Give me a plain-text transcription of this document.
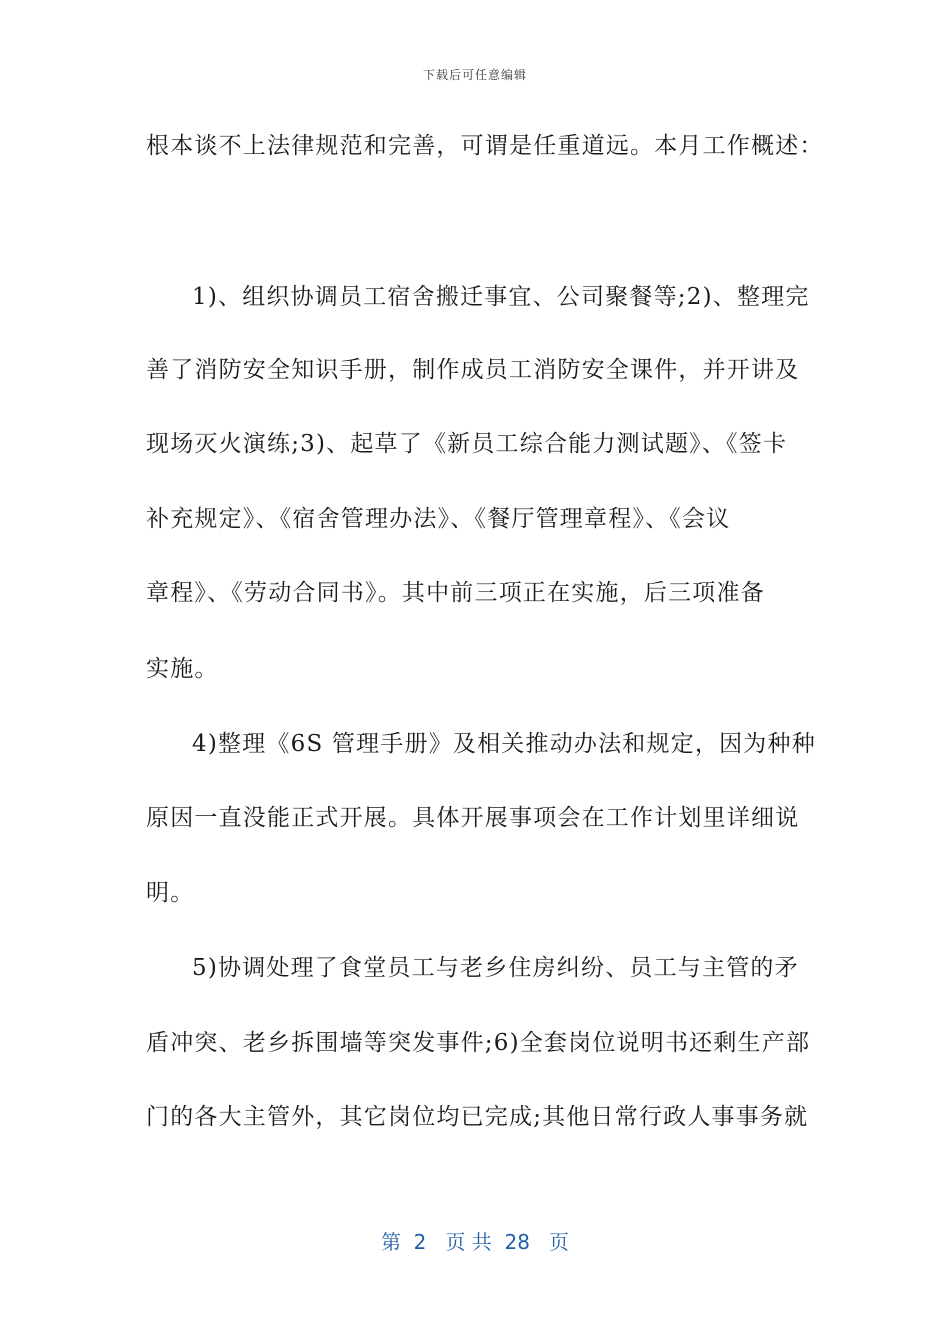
下载后可任意编辑
根本谈不上法律规范和完善，可谓是任重道远。本月工作概述：
1)、组织协调员工宿舍搬迁事宜、公司聚餐等;2)、整理完
善了消防安全知识手册，制作成员工消防安全课件，并开讲及
现场灭火演练;3)、起草了《新员工综合能力测试题》、《签卡
补充规定》、《宿舍管理办法》、《餐厅管理章程》、《会议
章程》、《劳动合同书》。其中前三项正在实施，后三项准备
实施。
4)整理《6S 管理手册》及相关推动办法和规定，因为种种
原因一直没能正式开展。具体开展事项会在工作计划里详细说
明。
5)协调处理了食堂员工与老乡住房纠纷、员工与主管的矛
盾冲突、老乡拆围墙等突发事件;6)全套岗位说明书还剩生产部
门的各大主管外，其它岗位均已完成;其他日常行政人事事务就
第  2   页 共  28   页
